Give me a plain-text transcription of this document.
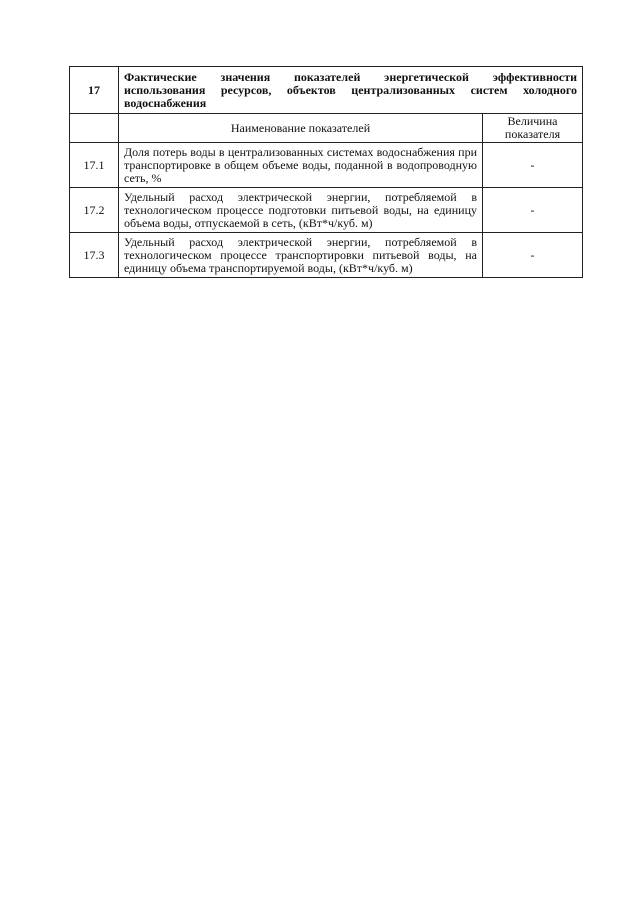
17	Фактические значения показателей энергетической эффективности использования ресурсов, объектов централизованных систем холодного водоснабжения	
	Наименование показателей	Величина показателя
17.1	Доля потерь воды в централизованных системах водоснабжения при транспортировке в общем объеме воды, поданной в водопроводную сеть, %	-
17.2	Удельный расход электрической энергии, потребляемой в технологическом процессе подготовки питьевой воды, на единицу объема воды, отпускаемой в сеть, (кВт*ч/куб. м)	-
17.3	Удельный расход электрической энергии, потребляемой в технологическом процессе транспортировки питьевой воды, на единицу объема транспортируемой воды, (кВт*ч/куб. м)	-
